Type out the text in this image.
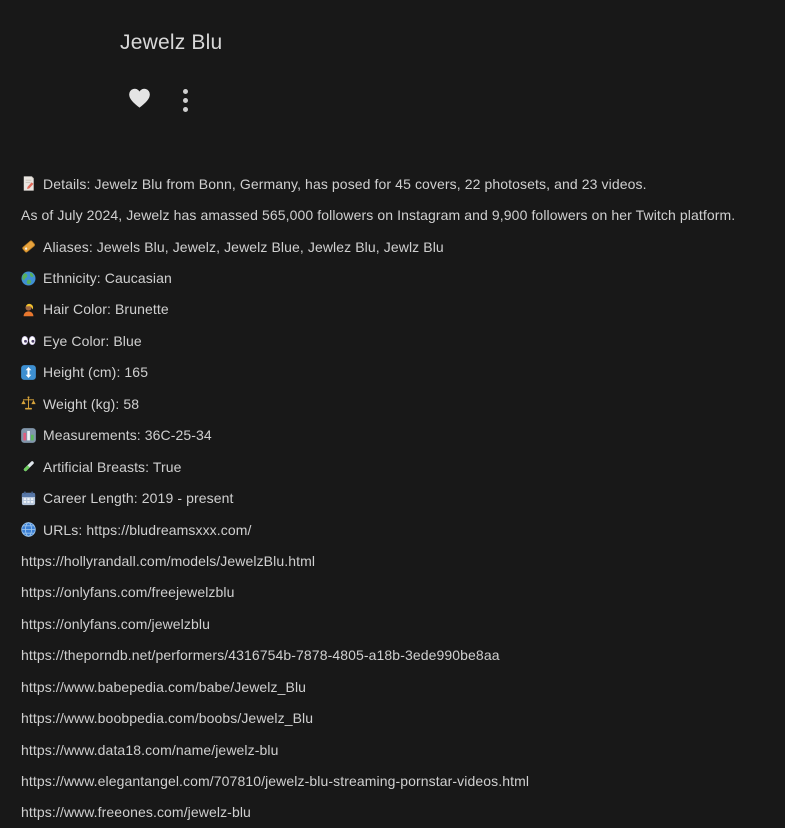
Jewelz Blu
Details: Jewelz Blu from Bonn, Germany, has posed for 45 covers, 22 photosets, and 23 videos.
As of July 2024, Jewelz has amassed 565,000 followers on Instagram and 9,900 followers on her Twitch platform.
Aliases: Jewels Blu, Jewelz, Jewelz Blue, Jewlez Blu, Jewlz Blu
Ethnicity: Caucasian
Hair Color: Brunette
Eye Color: Blue
Height (cm): 165
Weight (kg): 58
Measurements: 36C-25-34
Artificial Breasts: True
Career Length: 2019 - present
URLs: https://bludreamsxxx.com/
https://hollyrandall.com/models/JewelzBlu.html
https://onlyfans.com/freejewelzblu
https://onlyfans.com/jewelzblu
https://theporndb.net/performers/4316754b-7878-4805-a18b-3ede990be8aa
https://www.babepedia.com/babe/Jewelz_Blu
https://www.boobpedia.com/boobs/Jewelz_Blu
https://www.data18.com/name/jewelz-blu
https://www.elegantangel.com/707810/jewelz-blu-streaming-pornstar-videos.html
https://www.freeones.com/jewelz-blu
